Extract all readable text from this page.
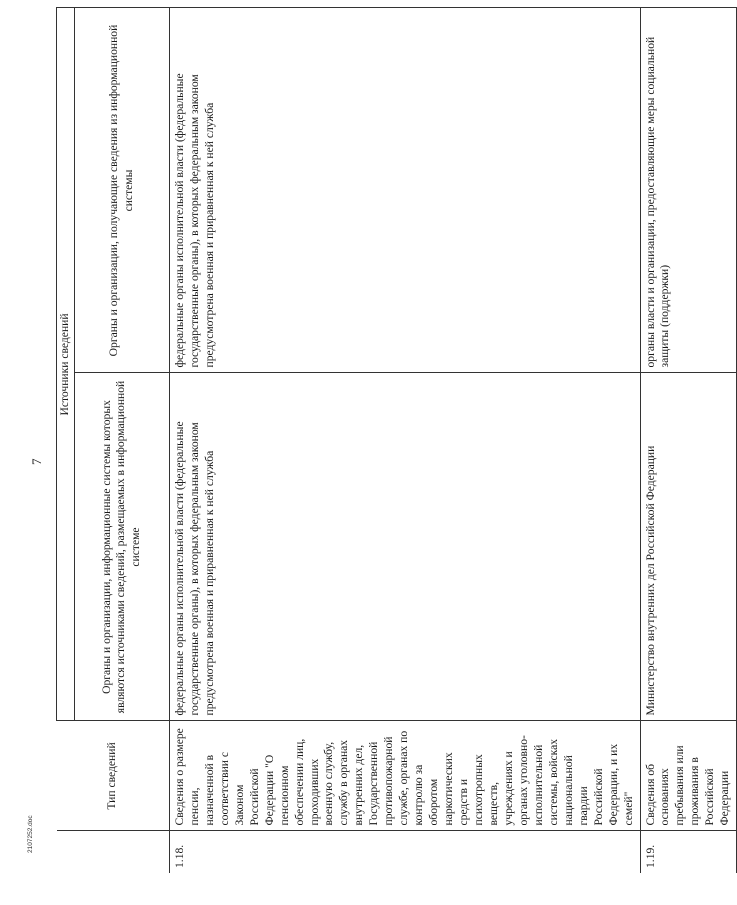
7
	Тип сведений	Источники сведений	
		Органы и организации, информационные системы которых являются источниками сведений, размещаемых в информационной системе	Органы и организации, получающие сведения из информационной системы
1.18.	Сведения о размере пенсии, назначенной в соответствии с Законом Российской Федерации "О пенсионном обеспечении лиц, проходивших военную службу, службу в органах внутренних дел, Государственной противопожарной службе, органах по контролю за оборотом наркотических средств и психотропных веществ, учреждениях и органах уголовно-исполнительной системы, войсках национальной гвардии Российской Федерации, и их семей"	федеральные органы исполнительной власти (федеральные государственные органы), в которых федеральным законом предусмотрена военная и приравненная к ней служба	федеральные органы исполнительной власти (федеральные государственные органы), в которых федеральным законом предусмотрена военная и приравненная к ней служба
1.19.	Сведения об основаниях пребывания или проживания в Российской Федерации	Министерство внутренних дел Российской Федерации	органы власти и организации, предоставляющие меры социальной защиты (поддержки)
2107252.doc
